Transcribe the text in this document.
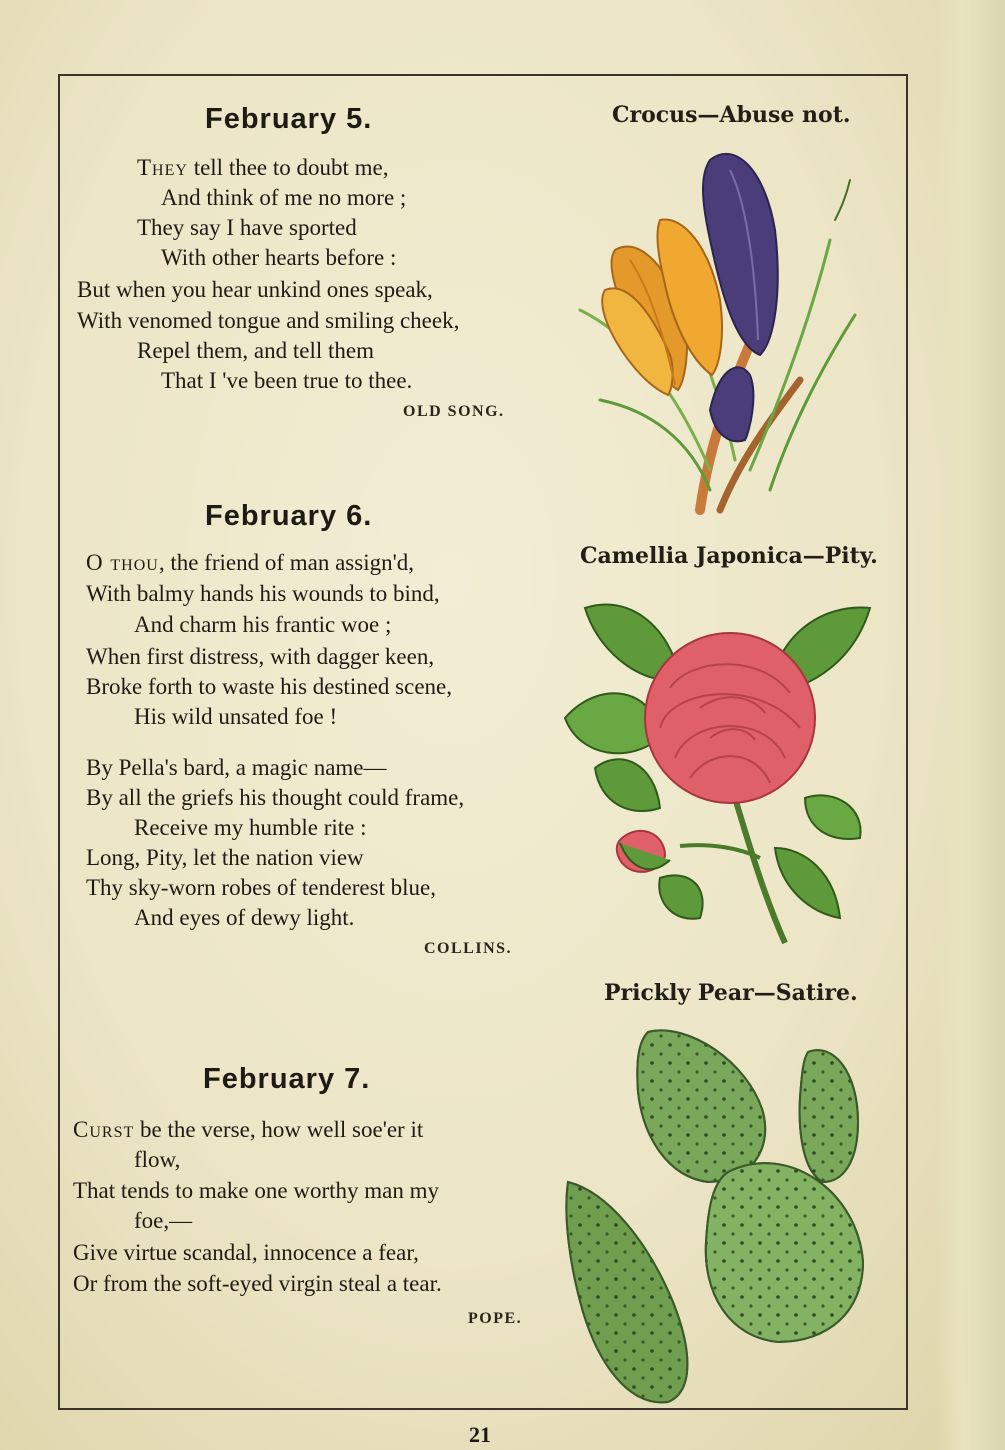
February 5.
They tell thee to doubt me,
And think of me no more ;
They say I have sported
With other hearts before :
But when you hear unkind ones speak,
With venomed tongue and smiling cheek,
Repel them, and tell them
That I 've been true to thee.
OLD SONG.
February 6.
O thou, the friend of man assign'd,
With balmy hands his wounds to bind,
And charm his frantic woe ;
When first distress, with dagger keen,
Broke forth to waste his destined scene,
His wild unsated foe !
By Pella's bard, a magic name—
By all the griefs his thought could frame,
Receive my humble rite :
Long, Pity, let the nation view
Thy sky-worn robes of tenderest blue,
And eyes of dewy light.
COLLINS.
February 7.
Curst be the verse, how well soe'er it
flow,
That tends to make one worthy man my
foe,—
Give virtue scandal, innocence a fear,
Or from the soft-eyed virgin steal a tear.
POPE.
Crocus—Abuse not.
Camellia Japonica—Pity.
Prickly Pear—Satire.
21
